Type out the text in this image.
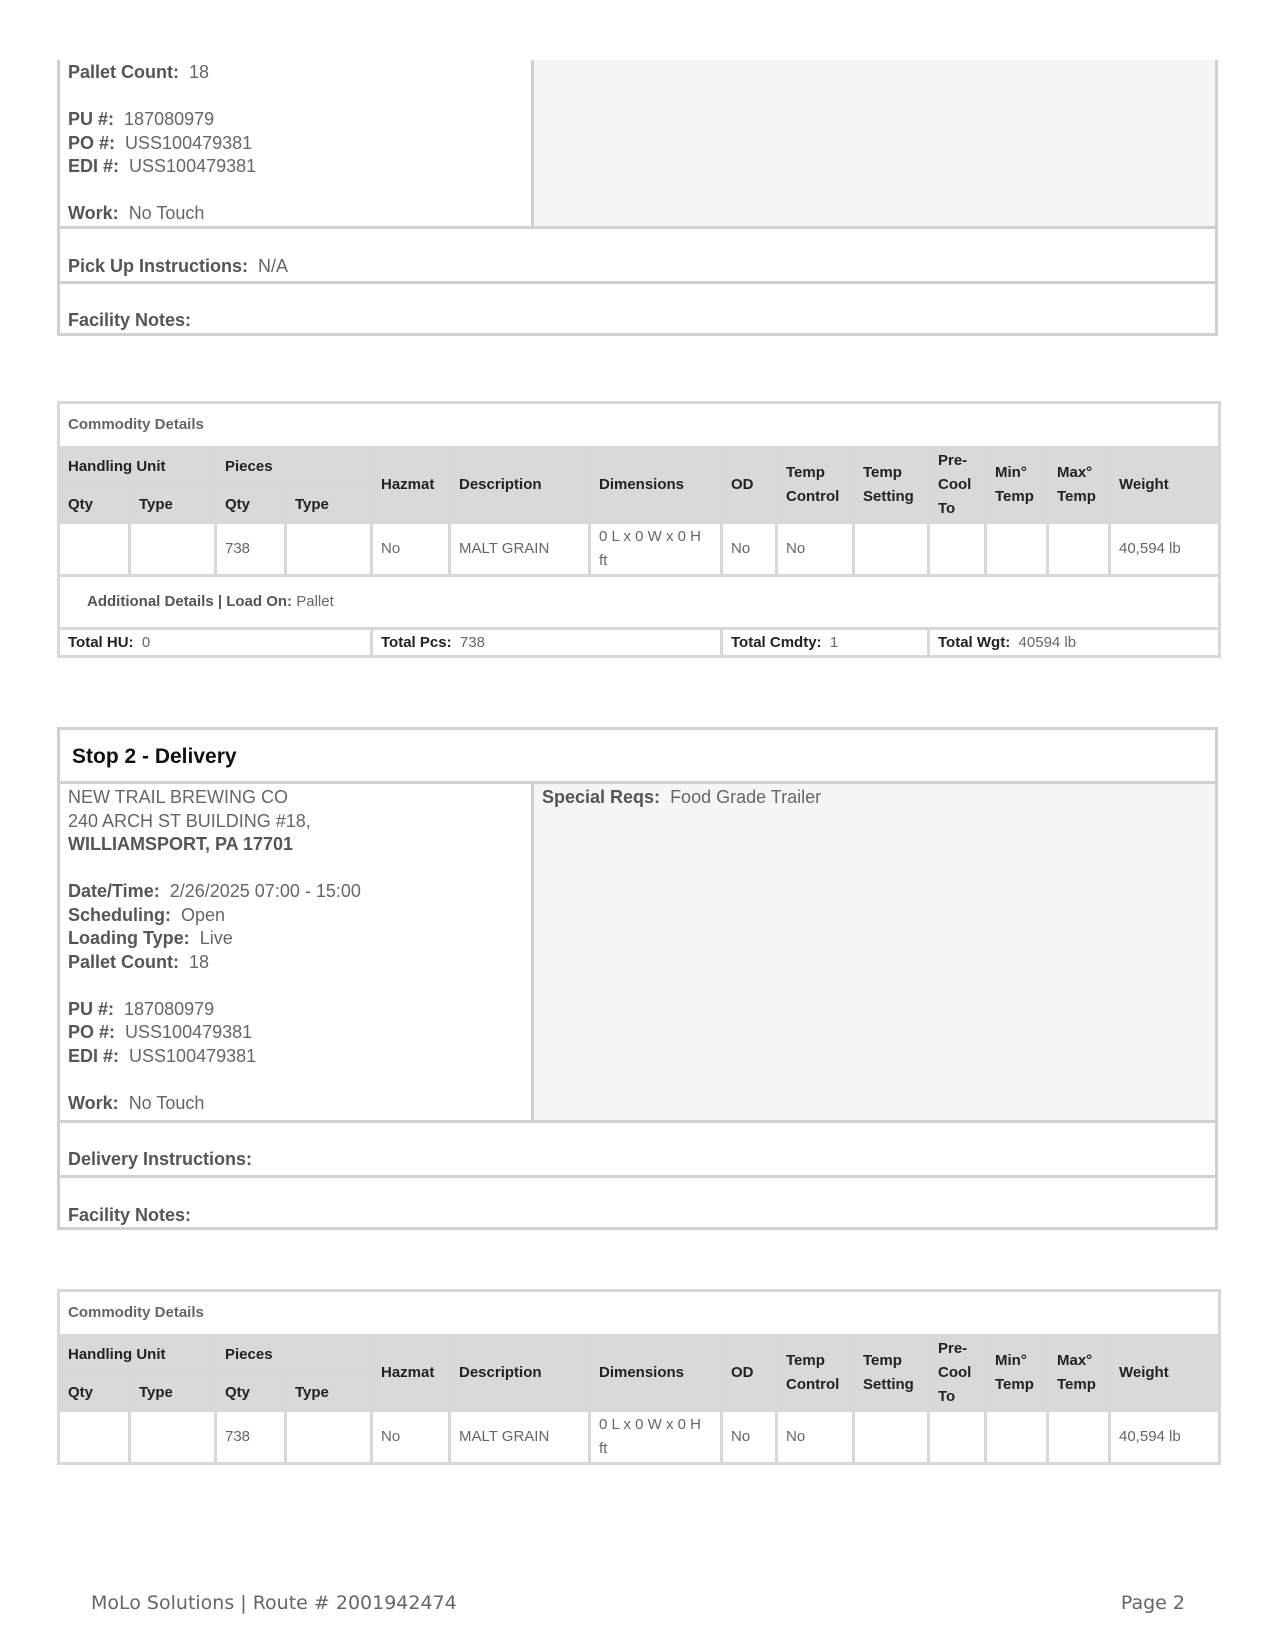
Pallet Count: 18
PU #: 187080979
PO #: USS100479381
EDI #: USS100479381
Work: No Touch
Pick Up Instructions: N/A
Facility Notes:
Commodity Details													
Handling Unit		Pieces		Hazmat	Description	Dimensions	OD	Temp Control	Temp Setting	Pre-Cool To	Min° Temp	Max° Temp	Weight
Qty	Type	Qty	Type										
		738		No	MALT GRAIN	0 L x 0 W x 0 H ft	No	No					40,594 lb
Additional Details | Load On: Pallet													
Total HU: 0				Total Pcs: 738			Total Cmdty: 1			Total Wgt: 40594 lb			
Stop 2 - Delivery
NEW TRAIL BREWING CO
240 ARCH ST BUILDING #18,
WILLIAMSPORT, PA 17701
Date/Time: 2/26/2025 07:00 - 15:00
Scheduling: Open
Loading Type: Live
Pallet Count: 18
PU #: 187080979
PO #: USS100479381
EDI #: USS100479381
Work: No Touch
Special Reqs: Food Grade Trailer
Delivery Instructions:
Facility Notes:
Commodity Details													
Handling Unit		Pieces		Hazmat	Description	Dimensions	OD	Temp Control	Temp Setting	Pre-Cool To	Min° Temp	Max° Temp	Weight
Qty	Type	Qty	Type										
		738		No	MALT GRAIN	0 L x 0 W x 0 H ft	No	No					40,594 lb
MoLo Solutions | Route # 2001942474	Page 2
